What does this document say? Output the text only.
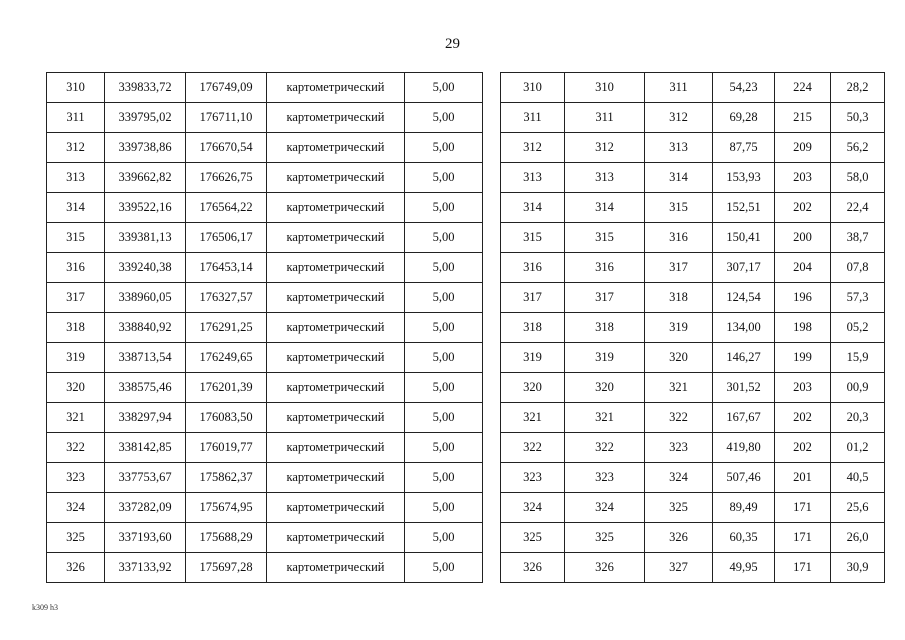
29
310	339833,72	176749,09	картометрический	5,00
311	339795,02	176711,10	картометрический	5,00
312	339738,86	176670,54	картометрический	5,00
313	339662,82	176626,75	картометрический	5,00
314	339522,16	176564,22	картометрический	5,00
315	339381,13	176506,17	картометрический	5,00
316	339240,38	176453,14	картометрический	5,00
317	338960,05	176327,57	картометрический	5,00
318	338840,92	176291,25	картометрический	5,00
319	338713,54	176249,65	картометрический	5,00
320	338575,46	176201,39	картометрический	5,00
321	338297,94	176083,50	картометрический	5,00
322	338142,85	176019,77	картометрический	5,00
323	337753,67	175862,37	картометрический	5,00
324	337282,09	175674,95	картометрический	5,00
325	337193,60	175688,29	картометрический	5,00
326	337133,92	175697,28	картометрический	5,00
310	310	311	54,23	224	28,2
311	311	312	69,28	215	50,3
312	312	313	87,75	209	56,2
313	313	314	153,93	203	58,0
314	314	315	152,51	202	22,4
315	315	316	150,41	200	38,7
316	316	317	307,17	204	07,8
317	317	318	124,54	196	57,3
318	318	319	134,00	198	05,2
319	319	320	146,27	199	15,9
320	320	321	301,52	203	00,9
321	321	322	167,67	202	20,3
322	322	323	419,80	202	01,2
323	323	324	507,46	201	40,5
324	324	325	89,49	171	25,6
325	325	326	60,35	171	26,0
326	326	327	49,95	171	30,9
k309 h3
